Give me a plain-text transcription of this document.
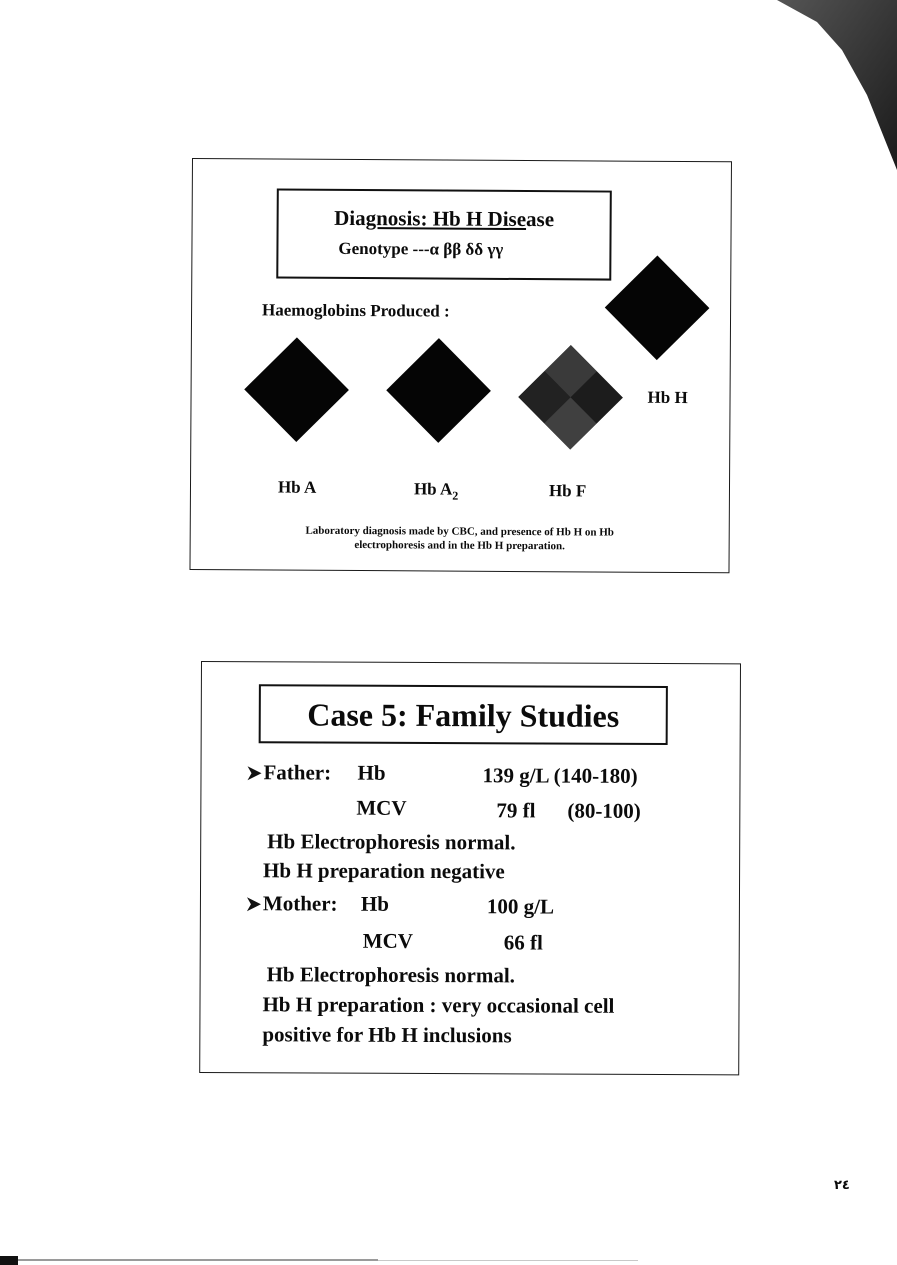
Diagnosis: Hb H Disease
Genotype ---α ββ δδ γγ
Haemoglobins Produced :
Hb A	Hb $A_2$	Hb F
Hb H
Laboratory diagnosis made by CBC, and presence of Hb H on Hb
electrophoresis and in the Hb H preparation.
Case 5: Family Studies
Father: Hb	139 g/L (140-180)
MCV	79 fl (80-100)
Hb Electrophoresis normal.
Hb H preparation negative
Mother: Hb	100 g/L
MCV	66 fl
Hb Electrophoresis normal.
Hb H preparation : very occasional cell
positive for Hb H inclusions
٢٤
